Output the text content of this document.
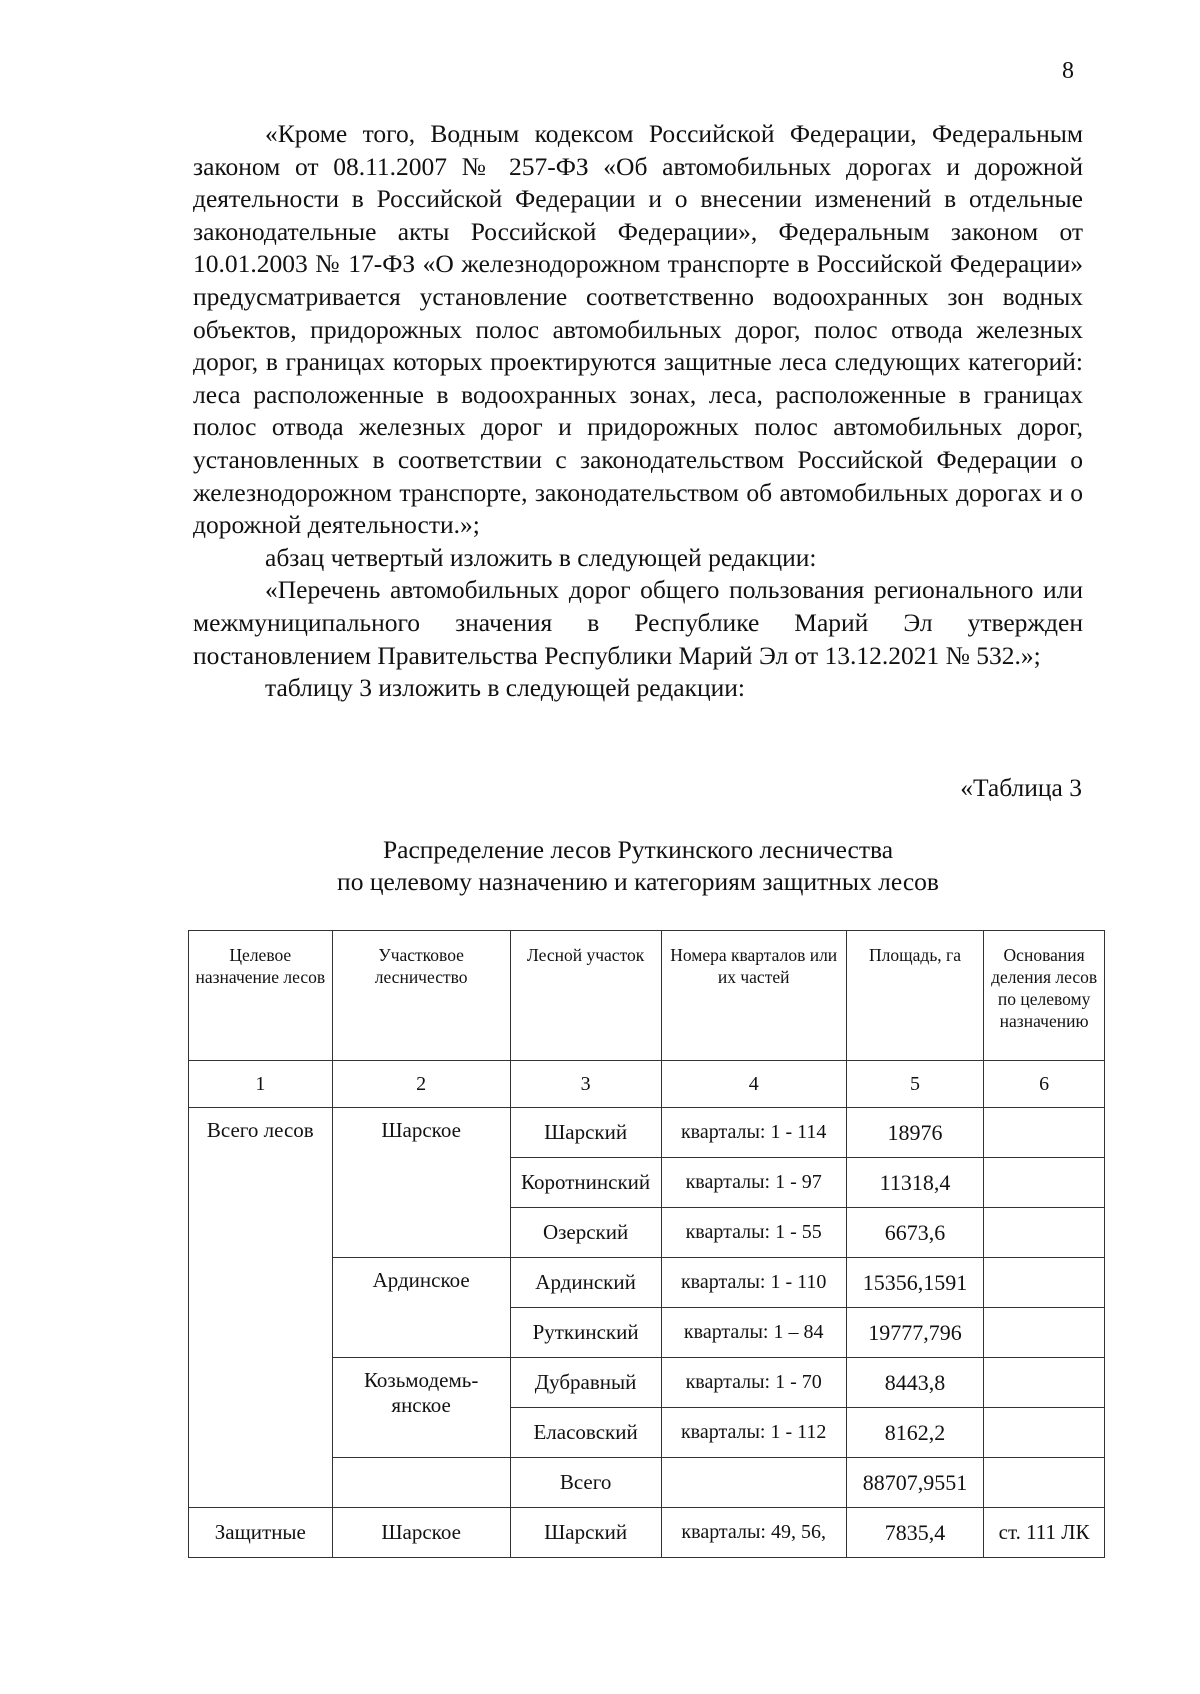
8

«Кроме того, Водным кодексом Российской Федерации, Федеральным законом от 08.11.2007 № 257-ФЗ «Об автомобильных дорогах и дорожной деятельности в Российской Федерации и о внесении изменений в отдельные законодательные акты Российской Федерации», Федеральным законом от 10.01.2003 № 17-ФЗ «О железнодорожном транспорте в Российской Федерации» предусматривается установление соответственно водоохранных зон водных объектов, придорожных полос автомобильных дорог, полос отвода железных дорог, в границах которых проектируются защитные леса следующих категорий: леса расположенные в водоохранных зонах, леса, расположенные в границах полос отвода железных дорог и придорожных полос автомобильных дорог, установленных в соответствии с законодательством Российской Федерации о железнодорожном транспорте, законодательством об автомобильных дорогах и о дорожной деятельности.»;

абзац четвертый изложить в следующей редакции:

«Перечень автомобильных дорог общего пользования регионального или межмуниципального значения в Республике Марий Эл утвержден постановлением Правительства Республики Марий Эл от 13.12.2021 № 532.»;

таблицу 3 изложить в следующей редакции:

«Таблица 3
Распределение лесов Руткинского лесничества
по целевому назначению и категориям защитных лесов
Целевое назначение лесов	Участковое лесничество	Лесной участок	Номера кварталов или их частей	Площадь, га	Основания деления лесов по целевому назначению
1	2	3	4	5	6
Всего лесов	Шарское	Шарский	кварталы: 1 - 114	18976	
		Коротнинский	кварталы: 1 - 97	11318,4	
		Озерский	кварталы: 1 - 55	6673,6	
	Ардинское	Ардинский	кварталы: 1 - 110	15356,1591	
		Руткинский	кварталы: 1 – 84	19777,796	
	Козьмодемь-янское	Дубравный	кварталы: 1 - 70	8443,8	
		Еласовский	кварталы: 1 - 112	8162,2	
		Всего		88707,9551	
Защитные	Шарское	Шарский	кварталы: 49, 56,	7835,4	ст. 111 ЛК
